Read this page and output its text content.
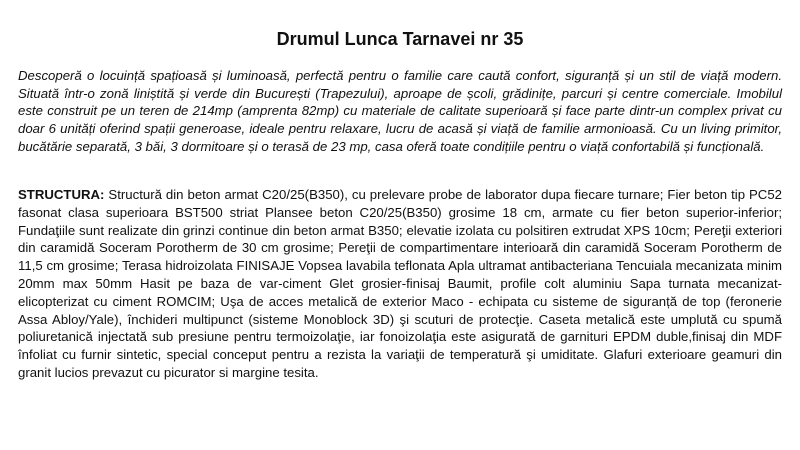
Drumul Lunca Tarnavei nr 35

Descoperă o locuință spațioasă și luminoasă, perfectă pentru o familie care caută confort, siguranță și un stil de viață modern. Situată într-o zonă liniștită și verde din București (Trapezului), aproape de școli, grădinițe, parcuri și centre comerciale. Imobilul este construit pe un teren de 214mp (amprenta 82mp) cu materiale de calitate superioară și face parte dintr-un complex privat cu doar 6 unități oferind spații generoase, ideale pentru relaxare, lucru de acasă și viață de familie armonioasă. Cu un living primitor, bucătărie separată, 3 băi, 3 dormitoare și o terasă de 23 mp, casa oferă toate condițiile pentru o viață confortabilă și funcțională.

STRUCTURA: Structură din beton armat C20/25(B350), cu prelevare probe de laborator dupa fiecare turnare; Fier beton tip PC52 fasonat clasa superioara BST500 striat Plansee beton C20/25(B350) grosime 18 cm, armate cu fier beton superior-inferior; Fundaţiile sunt realizate din grinzi continue din beton armat B350; elevatie izolata cu polsitiren extrudat XPS 10cm; Pereţii exteriori din caramidă Soceram Porotherm de 30 cm grosime; Pereţii de compartimentare interioară din caramidă Soceram Porotherm de 11,5 cm grosime; Terasa hidroizolata FINISAJE Vopsea lavabila teflonata Apla ultramat antibacteriana Tencuiala mecanizata minim 20mm max 50mm Hasit pe baza de var-ciment Glet grosier-finisaj Baumit, profile colt aluminiu Sapa turnata mecanizat-elicopterizat cu ciment ROMCIM; Uşa de acces metalică de exterior Maco - echipata cu sisteme de siguranță de top (feronerie Assa Abloy/Yale), închideri multipunct (sisteme Monoblock 3D) şi scuturi de protecţie. Caseta metalică este umplută cu spumă poliuretanică injectată sub presiune pentru termoizolaţie, iar fonoizolaţia este asigurată de garnituri EPDM duble,finisaj din MDF înfoliat cu furnir sintetic, special conceput pentru a rezista la variaţii de temperatură şi umiditate. Glafuri exterioare geamuri din granit lucios prevazut cu picurator si margine tesita.
